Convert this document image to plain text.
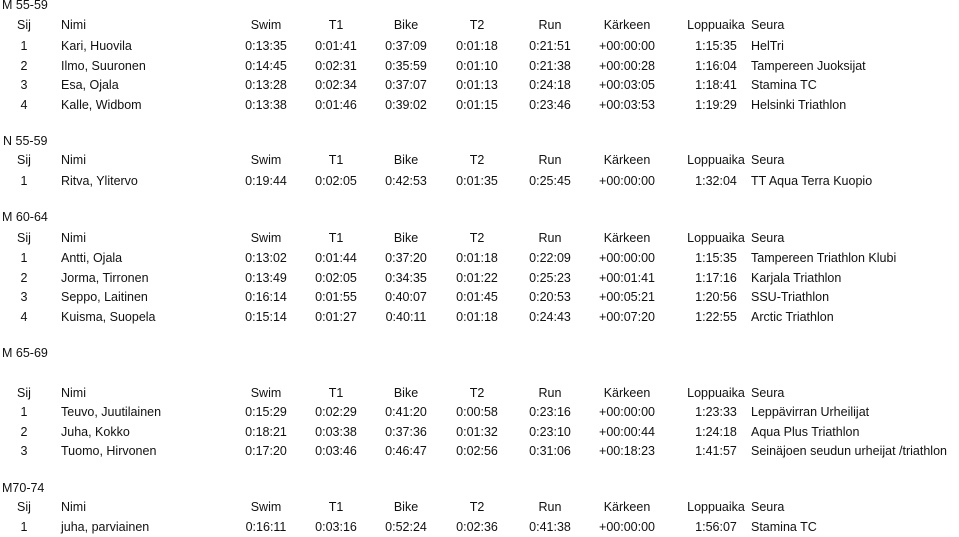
M 55-59
Sij Nimi	Swim	T1	Bike	T2	Run	Kärkeen	Loppuaika Seura
1	Kari, Huovila	0:13:35 0:01:41 0:37:09 0:01:18	0:21:51 +00:00:00	1:15:35 HelTri
2	Ilmo, Suuronen	0:14:45 0:02:31 0:35:59 0:01:10	0:21:38 +00:00:28	1:16:04 Tampereen Juoksijat
3	Esa, Ojala	0:13:28 0:02:34 0:37:07 0:01:13	0:24:18 +00:03:05	1:18:41 Stamina TC
4	Kalle, Widbom	0:13:38 0:01:46 0:39:02 0:01:15	0:23:46 +00:03:53	1:19:29 Helsinki Triathlon
N 55-59
Sij Nimi	Swim	T1	Bike	T2	Run	Kärkeen	Loppuaika Seura
1	Ritva, Ylitervo	0:19:44 0:02:05 0:42:53 0:01:35	0:25:45 +00:00:00	1:32:04 TT Aqua Terra Kuopio
M 60-64
Sij Nimi	Swim	T1	Bike	T2	Run	Kärkeen	Loppuaika Seura
1	Antti, Ojala	0:13:02 0:01:44 0:37:20 0:01:18	0:22:09 +00:00:00	1:15:35 Tampereen Triathlon Klubi
2	Jorma, Tirronen	0:13:49 0:02:05 0:34:35 0:01:22	0:25:23 +00:01:41	1:17:16 Karjala Triathlon
3	Seppo, Laitinen	0:16:14 0:01:55 0:40:07 0:01:45	0:20:53 +00:05:21	1:20:56 SSU-Triathlon
4	Kuisma, Suopela	0:15:14 0:01:27 0:40:11 0:01:18	0:24:43 +00:07:20	1:22:55 Arctic Triathlon
M 65-69
Sij Nimi	Swim	T1	Bike	T2	Run	Kärkeen	Loppuaika Seura
1	Teuvo, Juutilainen	0:15:29 0:02:29 0:41:20 0:00:58	0:23:16 +00:00:00	1:23:33 Leppävirran Urheilijat
2	Juha, Kokko	0:18:21 0:03:38 0:37:36 0:01:32	0:23:10 +00:00:44	1:24:18 Aqua Plus Triathlon
3	Tuomo, Hirvonen	0:17:20 0:03:46 0:46:47 0:02:56	0:31:06 +00:18:23	1:41:57 Seinäjoen seudun urheijat /triathlon
M70-74
Sij Nimi	Swim	T1	Bike	T2	Run	Kärkeen	Loppuaika Seura
1	juha, parviainen	0:16:11 0:03:16 0:52:24 0:02:36	0:41:38 +00:00:00	1:56:07 Stamina TC
